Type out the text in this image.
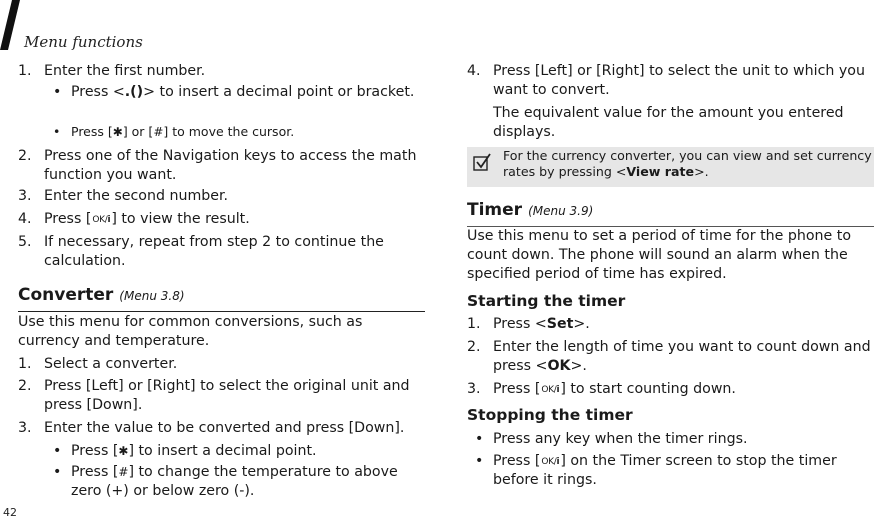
Menu functions
42
1. Enter the first number.
• Press <.()> to insert a decimal point or bracket.
• Press [✱] or [#] to move the cursor.
2. Press one of the Navigation keys to access the math function you want.
3. Enter the second number.
4. Press [OK/i] to view the result.
5. If necessary, repeat from step 2 to continue the calculation.
Converter (Menu 3.8)
Use this menu for common conversions, such as currency and temperature.
1. Select a converter.
2. Press [Left] or [Right] to select the original unit and press [Down].
3. Enter the value to be converted and press [Down].
• Press [✱] to insert a decimal point.
• Press [#] to change the temperature to above zero (+) or below zero (-).
4. Press [Left] or [Right] to select the unit to which you want to convert.
The equivalent value for the amount you entered displays.
For the currency converter, you can view and set currency rates by pressing <View rate>.
Timer (Menu 3.9)
Use this menu to set a period of time for the phone to count down. The phone will sound an alarm when the specified period of time has expired.
Starting the timer
1. Press <Set>.
2. Enter the length of time you want to count down and press <OK>.
3. Press [OK/i] to start counting down.
Stopping the timer
• Press any key when the timer rings.
• Press [OK/i] on the Timer screen to stop the timer before it rings.
